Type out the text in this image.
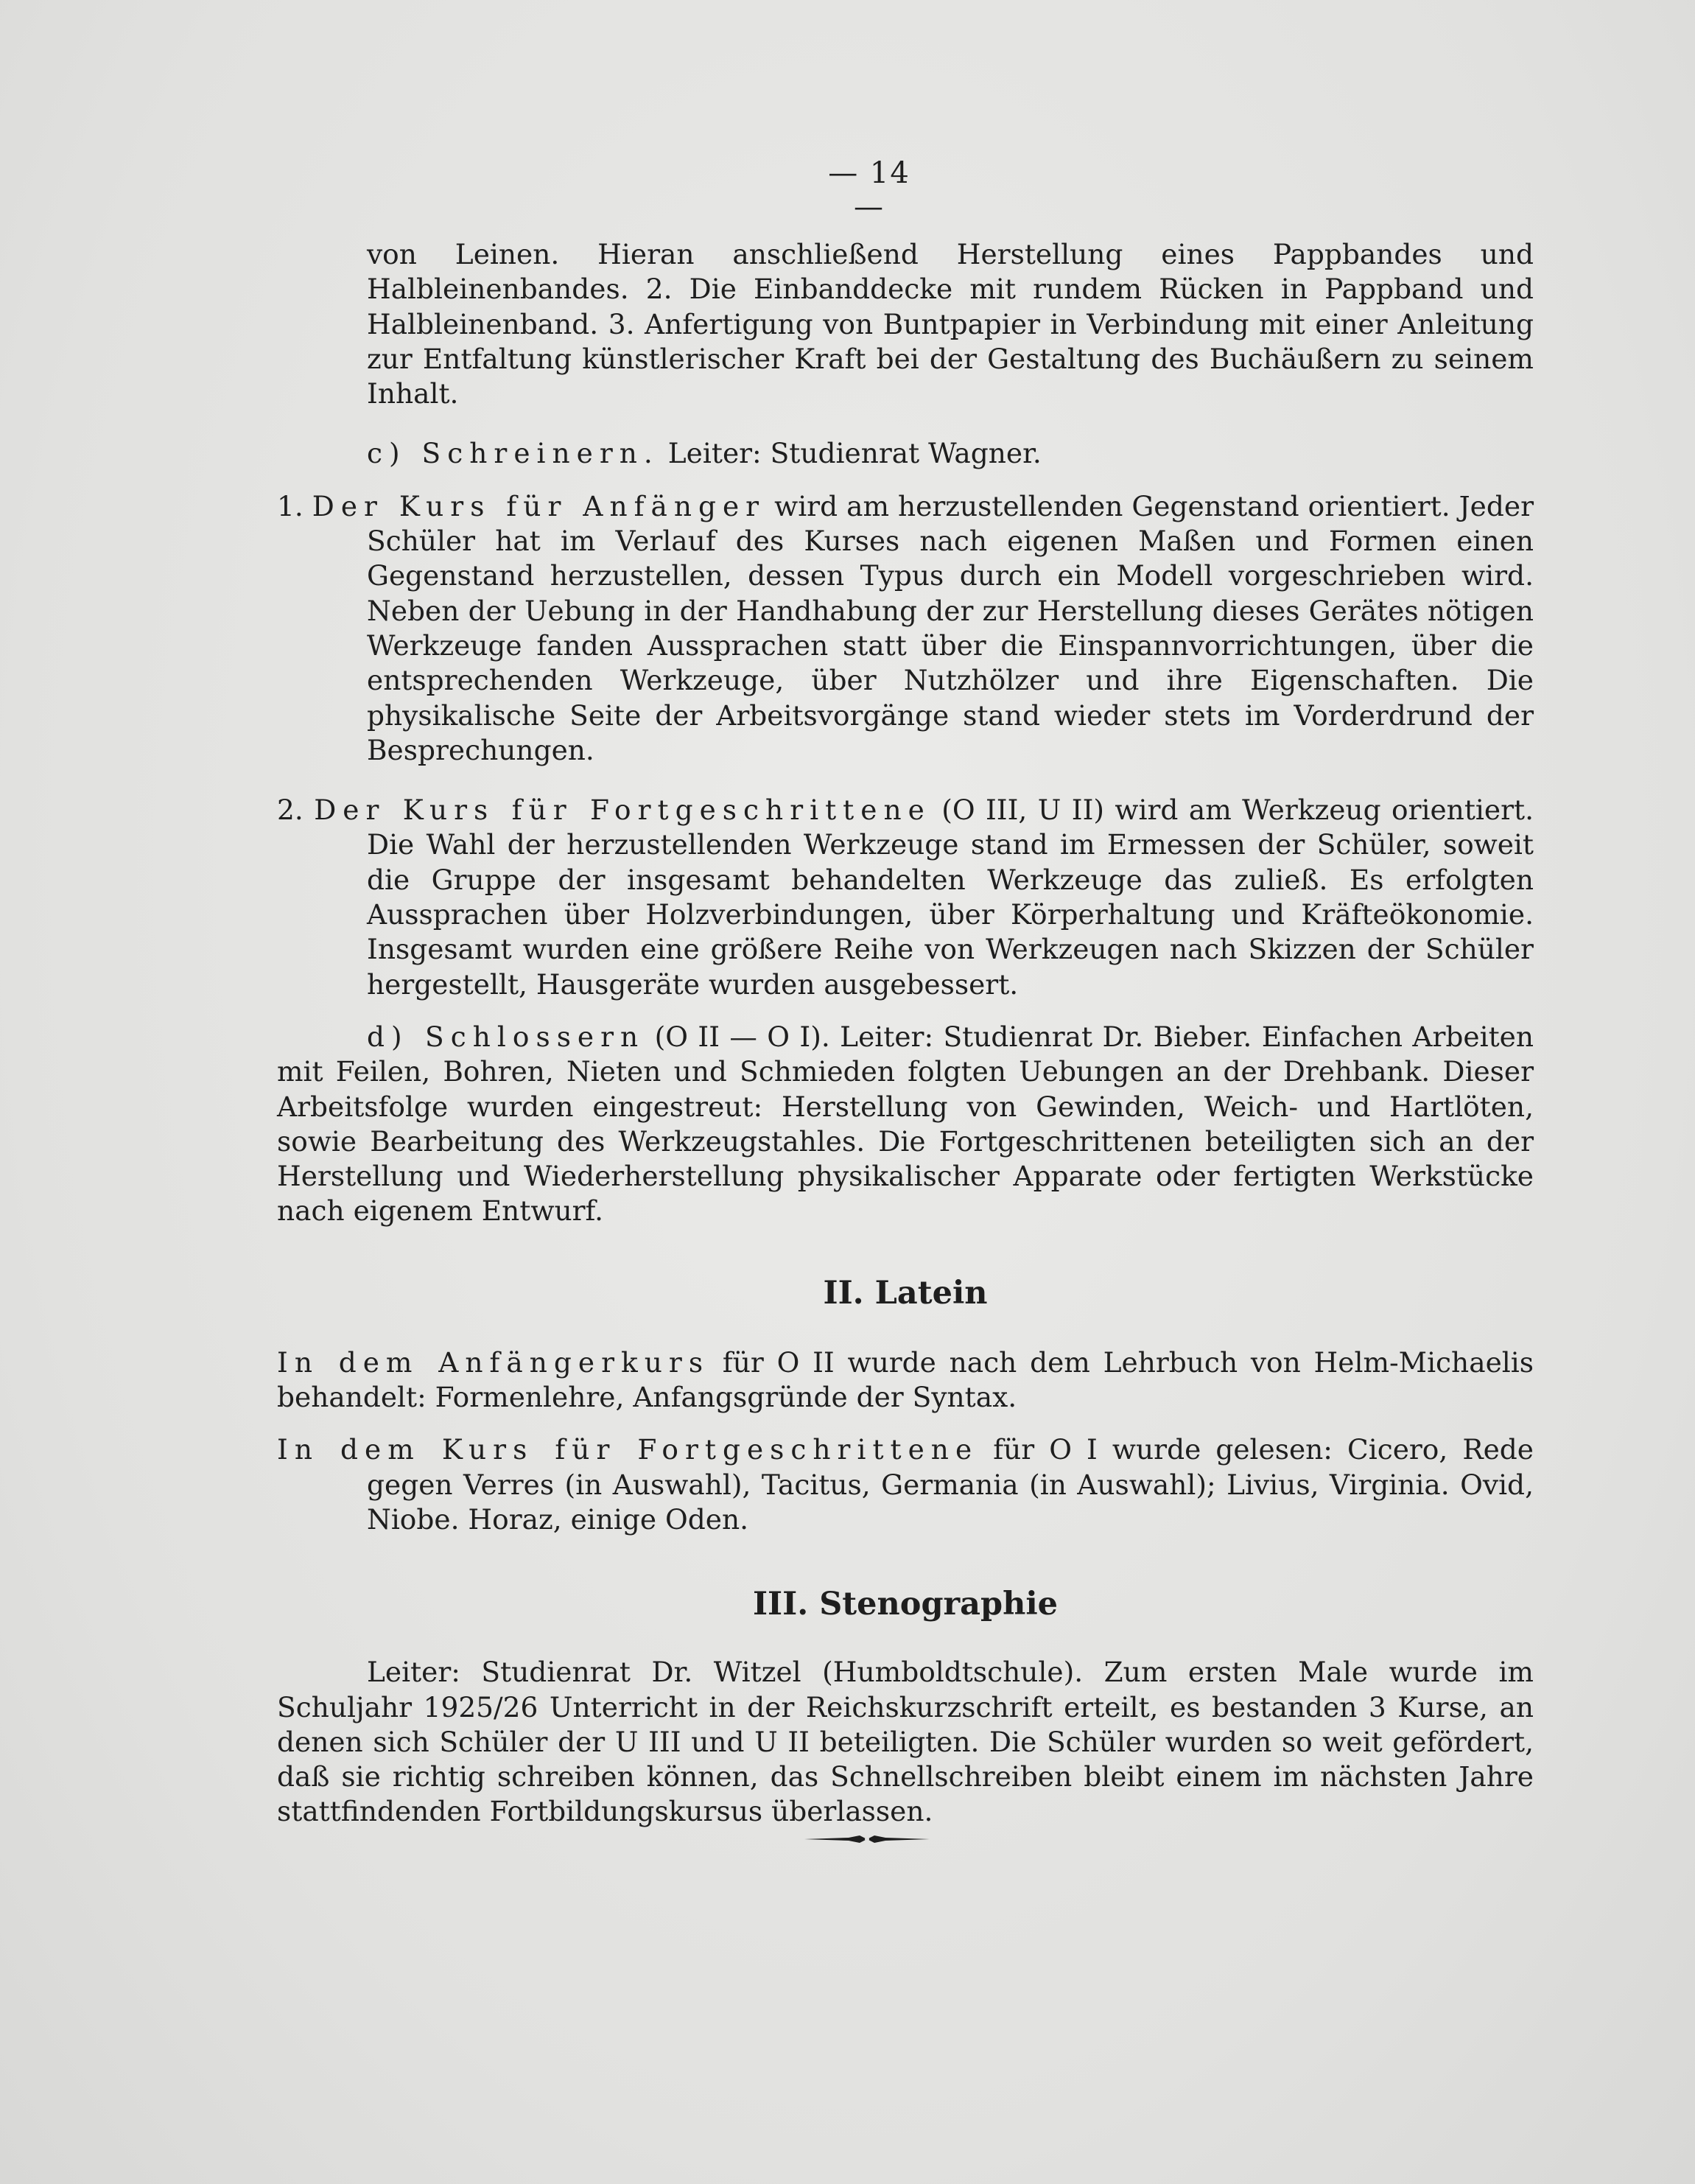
— 14 —

von Leinen. Hieran anschließend Herstellung eines Pappbandes und Halbleinenbandes. 2. Die Einbanddecke mit rundem Rücken in Pappband und Halbleinenband. 3. Anfertigung von Buntpapier in Verbindung mit einer Anleitung zur Entfaltung künstlerischer Kraft bei der Gestaltung des Buchäußern zu seinem Inhalt.

c) Schreinern. Leiter: Studienrat Wagner.

1. Der Kurs für Anfänger wird am herzustellenden Gegenstand orientiert. Jeder Schüler hat im Verlauf des Kurses nach eigenen Maßen und Formen einen Gegenstand herzustellen, dessen Typus durch ein Modell vorgeschrieben wird. Neben der Uebung in der Handhabung der zur Herstellung dieses Gerätes nötigen Werkzeuge fanden Aussprachen statt über die Einspannvorrichtungen, über die entsprechenden Werkzeuge, über Nutzhölzer und ihre Eigenschaften. Die physikalische Seite der Arbeitsvorgänge stand wieder stets im Vorderdrund der Besprechungen.

2. Der Kurs für Fortgeschrittene (O III, U II) wird am Werkzeug orientiert. Die Wahl der herzustellenden Werkzeuge stand im Ermessen der Schüler, soweit die Gruppe der insgesamt behandelten Werkzeuge das zuließ. Es erfolgten Aussprachen über Holzverbindungen, über Körperhaltung und Kräfteökonomie. Insgesamt wurden eine größere Reihe von Werkzeugen nach Skizzen der Schüler hergestellt, Hausgeräte wurden ausgebessert.

d) Schlossern (O II — O I). Leiter: Studienrat Dr. Bieber. Einfachen Arbeiten mit Feilen, Bohren, Nieten und Schmieden folgten Uebungen an der Drehbank. Dieser Arbeitsfolge wurden eingestreut: Herstellung von Gewinden, Weich- und Hartlöten, sowie Bearbeitung des Werkzeugstahles. Die Fortgeschrittenen beteiligten sich an der Herstellung und Wiederherstellung physikalischer Apparate oder fertigten Werkstücke nach eigenem Entwurf.

II. Latein

In dem Anfängerkurs für O II wurde nach dem Lehrbuch von Helm-Michaelis behandelt: Formenlehre, Anfangsgründe der Syntax.

In dem Kurs für Fortgeschrittene für O I wurde gelesen: Cicero, Rede gegen Verres (in Auswahl), Tacitus, Germania (in Auswahl); Livius, Virginia. Ovid, Niobe. Horaz, einige Oden.

III. Stenographie

Leiter: Studienrat Dr. Witzel (Humboldtschule). Zum ersten Male wurde im Schuljahr 1925/26 Unterricht in der Reichskurzschrift erteilt, es bestanden 3 Kurse, an denen sich Schüler der U III und U II beteiligten. Die Schüler wurden so weit gefördert, daß sie richtig schreiben können, das Schnellschreiben bleibt einem im nächsten Jahre stattfindenden Fortbildungskursus überlassen.
